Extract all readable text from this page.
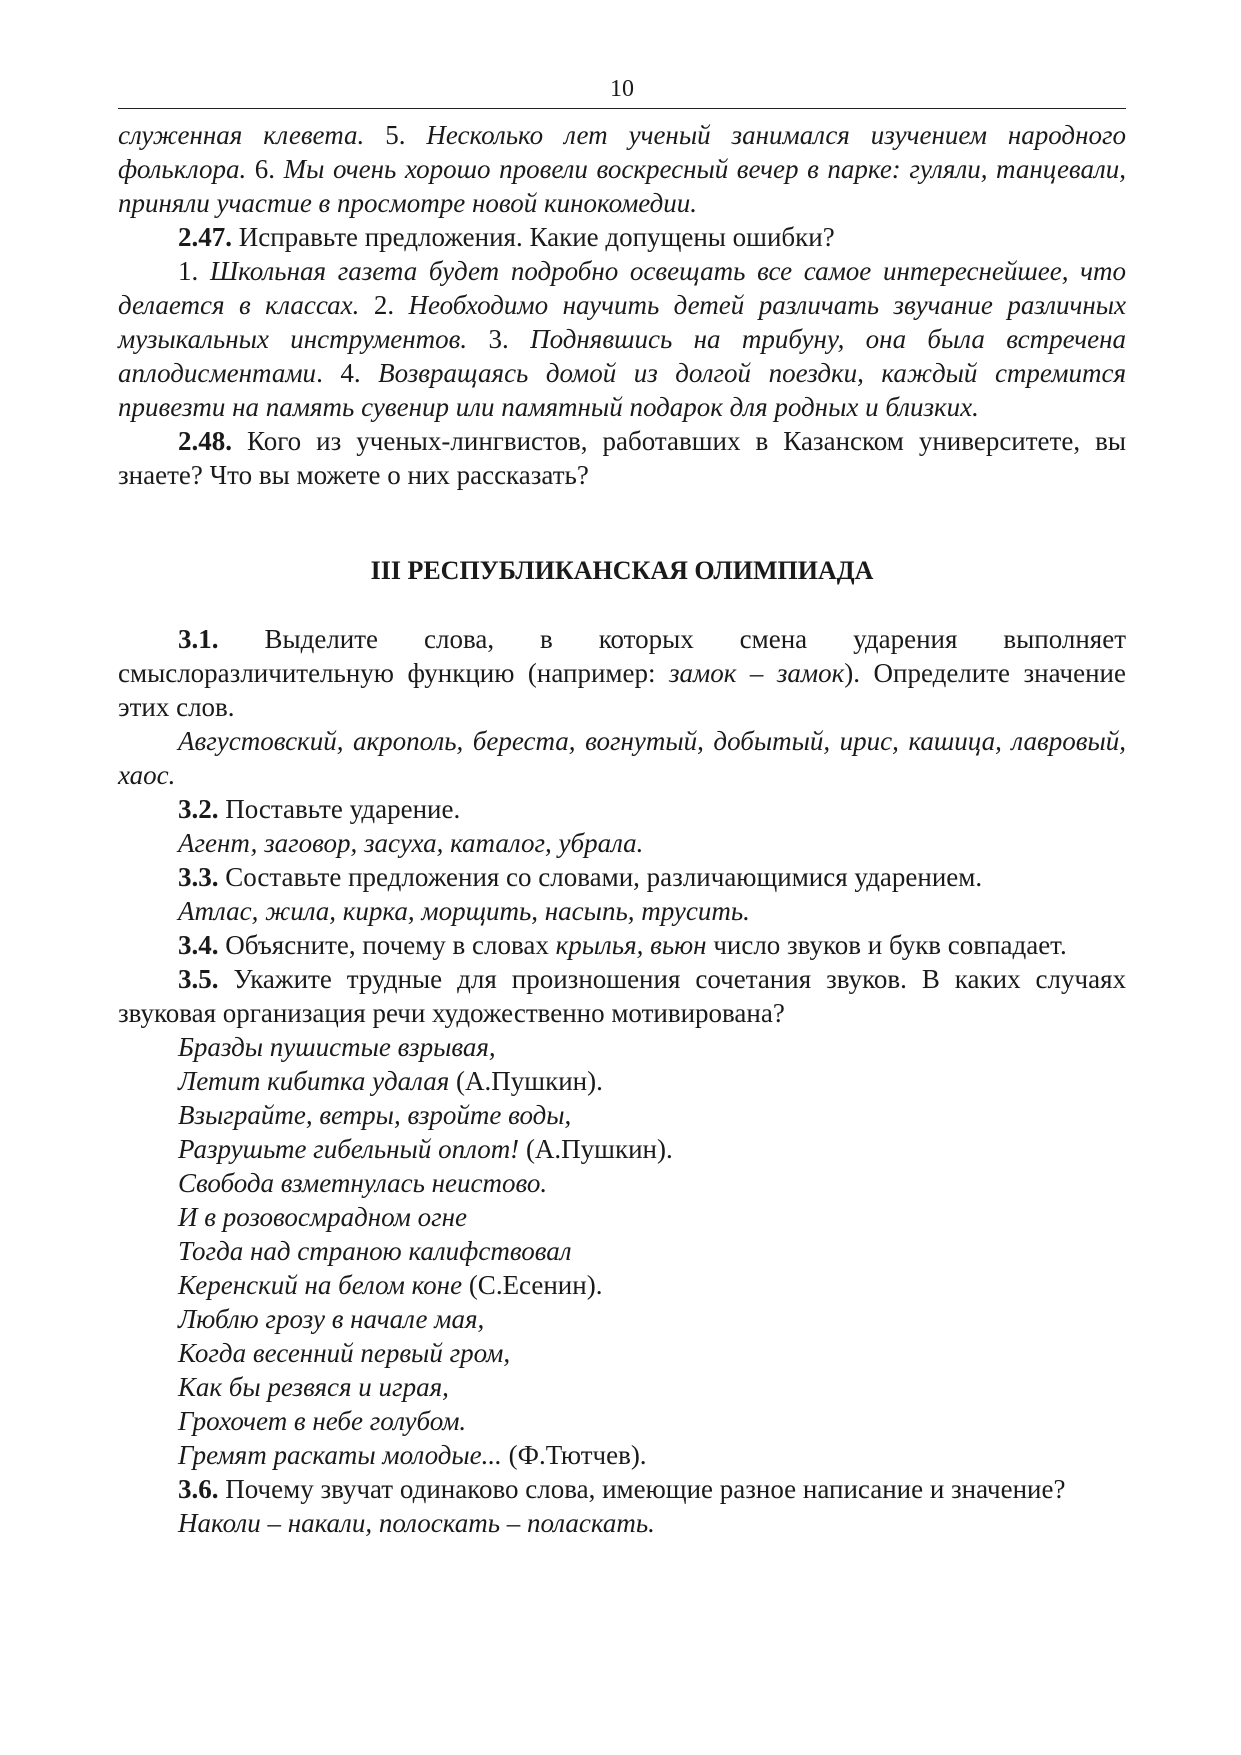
10

служенная клевета. 5. Несколько лет ученый занимался изучением народного фольклора. 6. Мы очень хорошо провели воскресный вечер в парке: гуляли, танцевали, приняли участие в просмотре новой кинокомедии.

2.47. Исправьте предложения. Какие допущены ошибки?

1. Школьная газета будет подробно освещать все самое интереснейшее, что делается в классах. 2. Необходимо научить детей различать звучание различных музыкальных инструментов. 3. Поднявшись на трибуну, она была встречена аплодисментами. 4. Возвращаясь домой из долгой поездки, каждый стремится привезти на память сувенир или памятный подарок для родных и близких.

2.48. Кого из ученых-лингвистов, работавших в Казанском университете, вы знаете? Что вы можете о них рассказать?

III РЕСПУБЛИКАНСКАЯ ОЛИМПИАДА

3.1. Выделите слова, в которых смена ударения выполняет смыслоразличительную функцию (например: замок – замок). Определите значение этих слов.

Августовский, акрополь, береста, вогнутый, добытый, ирис, кашица, лавровый, хаос.

3.2. Поставьте ударение.

Агент, заговор, засуха, каталог, убрала.

3.3. Составьте предложения со словами, различающимися ударением.

Атлас, жила, кирка, морщить, насыпь, трусить.

3.4. Объясните, почему в словах крылья, вьюн число звуков и букв совпадает.

3.5. Укажите трудные для произношения сочетания звуков. В каких случаях звуковая организация речи художественно мотивирована?

Бразды пушистые взрывая,

Летит кибитка удалая (А.Пушкин).

Взыграйте, ветры, взройте воды,

Разрушьте гибельный оплот! (А.Пушкин).

Свобода взметнулась неистово.

И в розовосмрадном огне

Тогда над страною калифствовал

Керенский на белом коне (С.Есенин).

Люблю грозу в начале мая,

Когда весенний первый гром,

Как бы резвяся и играя,

Грохочет в небе голубом.

Гремят раскаты молодые... (Ф.Тютчев).

3.6. Почему звучат одинаково слова, имеющие разное написание и значение?

Наколи – накали, полоскать – поласкать.
